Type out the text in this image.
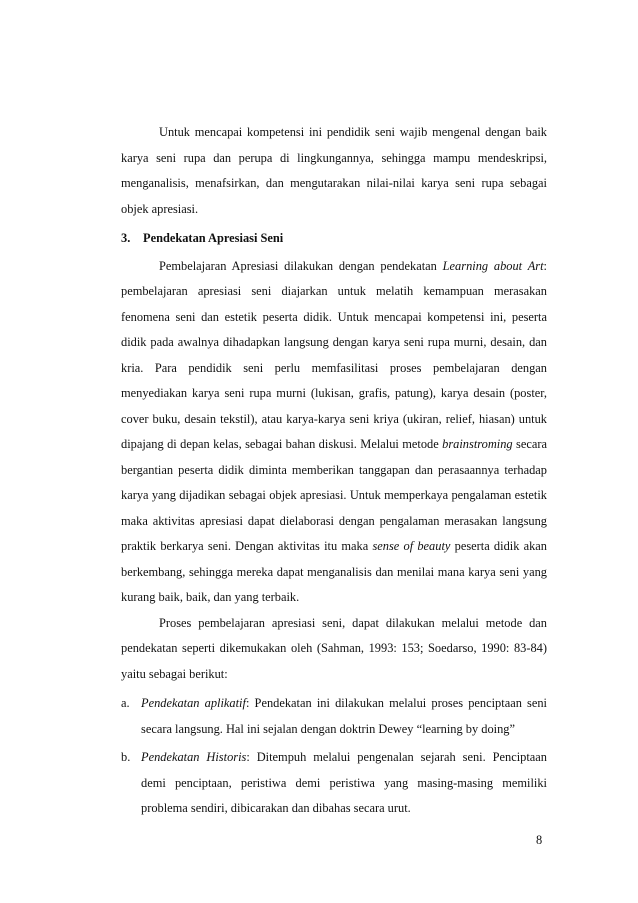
Untuk mencapai kompetensi ini pendidik seni wajib mengenal dengan baik karya seni rupa dan perupa di lingkungannya, sehingga mampu mendeskripsi, menganalisis, menafsirkan, dan mengutarakan nilai-nilai karya seni rupa sebagai objek apresiasi.

3. Pendekatan Apresiasi Seni

Pembelajaran Apresiasi dilakukan dengan pendekatan Learning about Art: pembelajaran apresiasi seni diajarkan untuk melatih kemampuan merasakan fenomena seni dan estetik peserta didik. Untuk mencapai kompetensi ini, peserta didik pada awalnya dihadapkan langsung dengan karya seni rupa murni, desain, dan kria. Para pendidik seni perlu memfasilitasi proses pembelajaran dengan menyediakan karya seni rupa murni (lukisan, grafis, patung), karya desain (poster, cover buku, desain tekstil), atau karya-karya seni kriya (ukiran, relief, hiasan) untuk dipajang di depan kelas, sebagai bahan diskusi. Melalui metode brainstroming secara bergantian peserta didik diminta memberikan tanggapan dan perasaannya terhadap karya yang dijadikan sebagai objek apresiasi. Untuk memperkaya pengalaman estetik maka aktivitas apresiasi dapat dielaborasi dengan pengalaman merasakan langsung praktik berkarya seni. Dengan aktivitas itu maka sense of beauty peserta didik akan berkembang, sehingga mereka dapat menganalisis dan menilai mana karya seni yang kurang baik, baik, dan yang terbaik.

Proses pembelajaran apresiasi seni, dapat dilakukan melalui metode dan pendekatan seperti dikemukakan oleh (Sahman, 1993: 153; Soedarso, 1990: 83-84) yaitu sebagai berikut:

a. Pendekatan aplikatif: Pendekatan ini dilakukan melalui proses penciptaan seni secara langsung. Hal ini sejalan dengan doktrin Dewey “learning by doing”
b. Pendekatan Historis: Ditempuh melalui pengenalan sejarah seni. Penciptaan demi penciptaan, peristiwa demi peristiwa yang masing-masing memiliki problema sendiri, dibicarakan dan dibahas secara urut.
8
